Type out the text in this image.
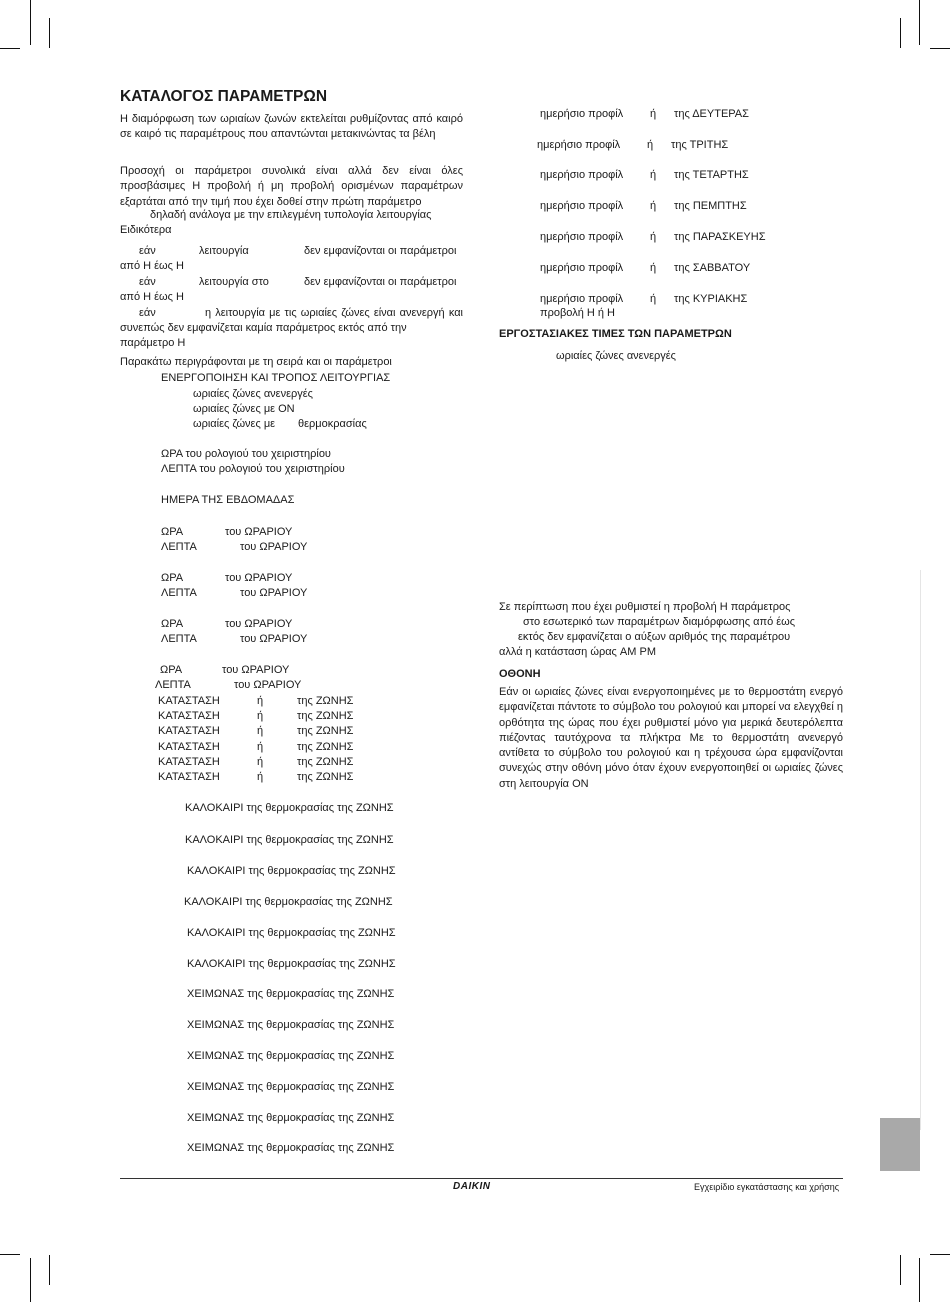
ΚΑΤΑΛΟΓΟΣ ΠΑΡΑΜΕΤΡΩΝ
Η διαμόρφωση των ωριαίων ζωνών εκτελείται ρυθμίζοντας από καιρό σε καιρό τις παραμέτρους που απαντώνται μετακινώντας τα βέλη
Προσοχή οι παράμετροι συνολικά είναι αλλά δεν είναι όλες προσβάσιμες Η προβολή ή μη προβολή ορισμένων παραμέτρων εξαρτάται από την τιμή που έχει δοθεί στην πρώτη παράμετρο
δηλαδή ανάλογα με την επιλεγμένη τυπολογία λειτουργίας
Ειδικότερα
εάν	λειτουργία	δεν εμφανίζονται οι παράμετροι
από Η έως Η
εάν	λειτουργία στο	δεν εμφανίζονται οι παράμετροι
από Η έως Η
εάν	η λειτουργία με τις ωριαίες ζώνες είναι ανενεργή και συνεπώς δεν εμφανίζεται καμία παράμετρος εκτός από την
παράμετρο Η
Παρακάτω περιγράφονται με τη σειρά και οι παράμετροι
ΕΝΕΡΓΟΠΟΙΗΣΗ ΚΑΙ ΤΡΟΠΟΣ ΛΕΙΤΟΥΡΓΙΑΣ
ωριαίες ζώνες ανενεργές
ωριαίες ζώνες με ON
ωριαίες ζώνες με θερμοκρασίας
ΩΡΑ του ρολογιού του χειριστηρίου
ΛΕΠΤΑ του ρολογιού του χειριστηρίου
ΗΜΕΡΑ ΤΗΣ ΕΒΔΟΜΑΔΑΣ
ΩΡΑ	του ΩΡΑΡΙΟΥ
ΛΕΠΤΑ	του ΩΡΑΡΙΟΥ
ΩΡΑ	του ΩΡΑΡΙΟΥ
ΛΕΠΤΑ	του ΩΡΑΡΙΟΥ
ΩΡΑ	του ΩΡΑΡΙΟΥ
ΛΕΠΤΑ	του ΩΡΑΡΙΟΥ
ΩΡΑ	του ΩΡΑΡΙΟΥ
ΛΕΠΤΑ	του ΩΡΑΡΙΟΥ
ΚΑΤΑΣΤΑΣΗ	ή	της ΖΩΝΗΣ
ΚΑΤΑΣΤΑΣΗ	ή	της ΖΩΝΗΣ
ΚΑΤΑΣΤΑΣΗ	ή	της ΖΩΝΗΣ
ΚΑΤΑΣΤΑΣΗ	ή	της ΖΩΝΗΣ
ΚΑΤΑΣΤΑΣΗ	ή	της ΖΩΝΗΣ
ΚΑΤΑΣΤΑΣΗ	ή	της ΖΩΝΗΣ
ΚΑΛΟΚΑΙΡΙ της θερμοκρασίας της ΖΩΝΗΣ
ΚΑΛΟΚΑΙΡΙ της θερμοκρασίας της ΖΩΝΗΣ
ΚΑΛΟΚΑΙΡΙ της θερμοκρασίας της ΖΩΝΗΣ
ΚΑΛΟΚΑΙΡΙ της θερμοκρασίας της ΖΩΝΗΣ
ΚΑΛΟΚΑΙΡΙ της θερμοκρασίας της ΖΩΝΗΣ
ΚΑΛΟΚΑΙΡΙ της θερμοκρασίας της ΖΩΝΗΣ
ΧΕΙΜΩΝΑΣ της θερμοκρασίας της ΖΩΝΗΣ
ΧΕΙΜΩΝΑΣ της θερμοκρασίας της ΖΩΝΗΣ
ΧΕΙΜΩΝΑΣ της θερμοκρασίας της ΖΩΝΗΣ
ΧΕΙΜΩΝΑΣ της θερμοκρασίας της ΖΩΝΗΣ
ΧΕΙΜΩΝΑΣ της θερμοκρασίας της ΖΩΝΗΣ
ΧΕΙΜΩΝΑΣ της θερμοκρασίας της ΖΩΝΗΣ
ημερήσιο προφίλ ή της ΔΕΥΤΕΡΑΣ
ημερήσιο προφίλ ή της ΤΡΙΤΗΣ
ημερήσιο προφίλ ή της ΤΕΤΑΡΤΗΣ
ημερήσιο προφίλ ή της ΠΕΜΠΤΗΣ
ημερήσιο προφίλ ή της ΠΑΡΑΣΚΕΥΗΣ
ημερήσιο προφίλ ή της ΣΑΒΒΑΤΟΥ
ημερήσιο προφίλ ή της ΚΥΡΙΑΚΗΣ
προβολή Η ή Η
ΕΡΓΟΣΤΑΣΙΑΚΕΣ ΤΙΜΕΣ ΤΩΝ ΠΑΡΑΜΕΤΡΩΝ
ωριαίες ζώνες ανενεργές
Σε περίπτωση που έχει ρυθμιστεί η προβολή Η παράμετρος
στο εσωτερικό των παραμέτρων διαμόρφωσης από έως
εκτός δεν εμφανίζεται ο αύξων αριθμός της παραμέτρου
αλλά η κατάσταση ώρας AM PM
ΟΘΟΝΗ
Εάν οι ωριαίες ζώνες είναι ενεργοποιημένες με το θερμοστάτη ενεργό εμφανίζεται πάντοτε το σύμβολο του ρολογιού και μπορεί να ελεγχθεί η ορθότητα της ώρας που έχει ρυθμιστεί μόνο για μερικά δευτερόλεπτα πιέζοντας ταυτόχρονα τα πλήκτρα Με το θερμοστάτη ανενεργό αντίθετα το σύμβολο του ρολογιού και η τρέχουσα ώρα εμφανίζονται συνεχώς στην οθόνη μόνο όταν έχουν ενεργοποιηθεί οι ωριαίες ζώνες στη λειτουργία ON
DAIKIN	Εγχειρίδιο εγκατάστασης και χρήσης
